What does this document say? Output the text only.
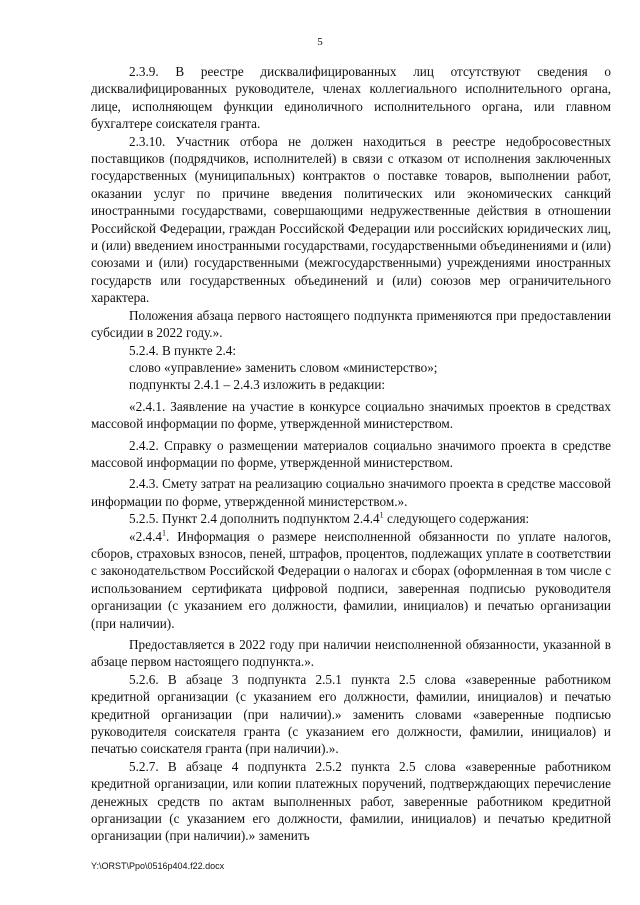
5

2.3.9. В реестре дисквалифицированных лиц отсутствуют сведения о дисквалифицированных руководителе, членах коллегиального исполнительного органа, лице, исполняющем функции единоличного исполнительного органа, или главном бухгалтере соискателя гранта.

2.3.10. Участник отбора не должен находиться в реестре недобросовестных поставщиков (подрядчиков, исполнителей) в связи с отказом от исполнения заключенных государственных (муниципальных) контрактов о поставке товаров, выполнении работ, оказании услуг по причине введения политических или экономических санкций иностранными государствами, совершающими недружественные действия в отношении Российской Федерации, граждан Российской Федерации или российских юридических лиц, и (или) введением иностранными государствами, государственными объединениями и (или) союзами и (или) государственными (межгосударственными) учреждениями иностранных государств или государственных объединений и (или) союзов мер ограничительного характера.

Положения абзаца первого настоящего подпункта применяются при предоставлении субсидии в 2022 году.».

5.2.4. В пункте 2.4:

слово «управление» заменить словом «министерство»;

подпункты 2.4.1 – 2.4.3 изложить в редакции:

«2.4.1. Заявление на участие в конкурсе социально значимых проектов в средствах массовой информации по форме, утвержденной министерством.

2.4.2. Справку о размещении материалов социально значимого проекта в средстве массовой информации по форме, утвержденной министерством.

2.4.3. Смету затрат на реализацию социально значимого проекта в средстве массовой информации по форме, утвержденной министерством.».

5.2.5. Пункт 2.4 дополнить подпунктом 2.4.4$^1$ следующего содержания:

«2.4.4$^1$. Информация о размере неисполненной обязанности по уплате налогов, сборов, страховых взносов, пеней, штрафов, процентов, подлежащих уплате в соответствии с законодательством Российской Федерации о налогах и сборах (оформленная в том числе с использованием сертификата цифровой подписи, заверенная подписью руководителя организации (с указанием его должности, фамилии, инициалов) и печатью организации (при наличии).

Предоставляется в 2022 году при наличии неисполненной обязанности, указанной в абзаце первом настоящего подпункта.».

5.2.6. В абзаце 3 подпункта 2.5.1 пункта 2.5 слова «заверенные работником кредитной организации (с указанием его должности, фамилии, инициалов) и печатью кредитной организации (при наличии).» заменить словами «заверенные подписью руководителя соискателя гранта (с указанием его должности, фамилии, инициалов) и печатью соискателя гранта (при наличии).».

5.2.7. В абзаце 4 подпункта 2.5.2 пункта 2.5 слова «заверенные работником кредитной организации, или копии платежных поручений, подтверждающих перечисление денежных средств по актам выполненных работ, заверенные работником кредитной организации (с указанием его должности, фамилии, инициалов) и печатью кредитной организации (при наличии).» заменить

Y:\ORST\Ppo\0516p404.f22.docx
